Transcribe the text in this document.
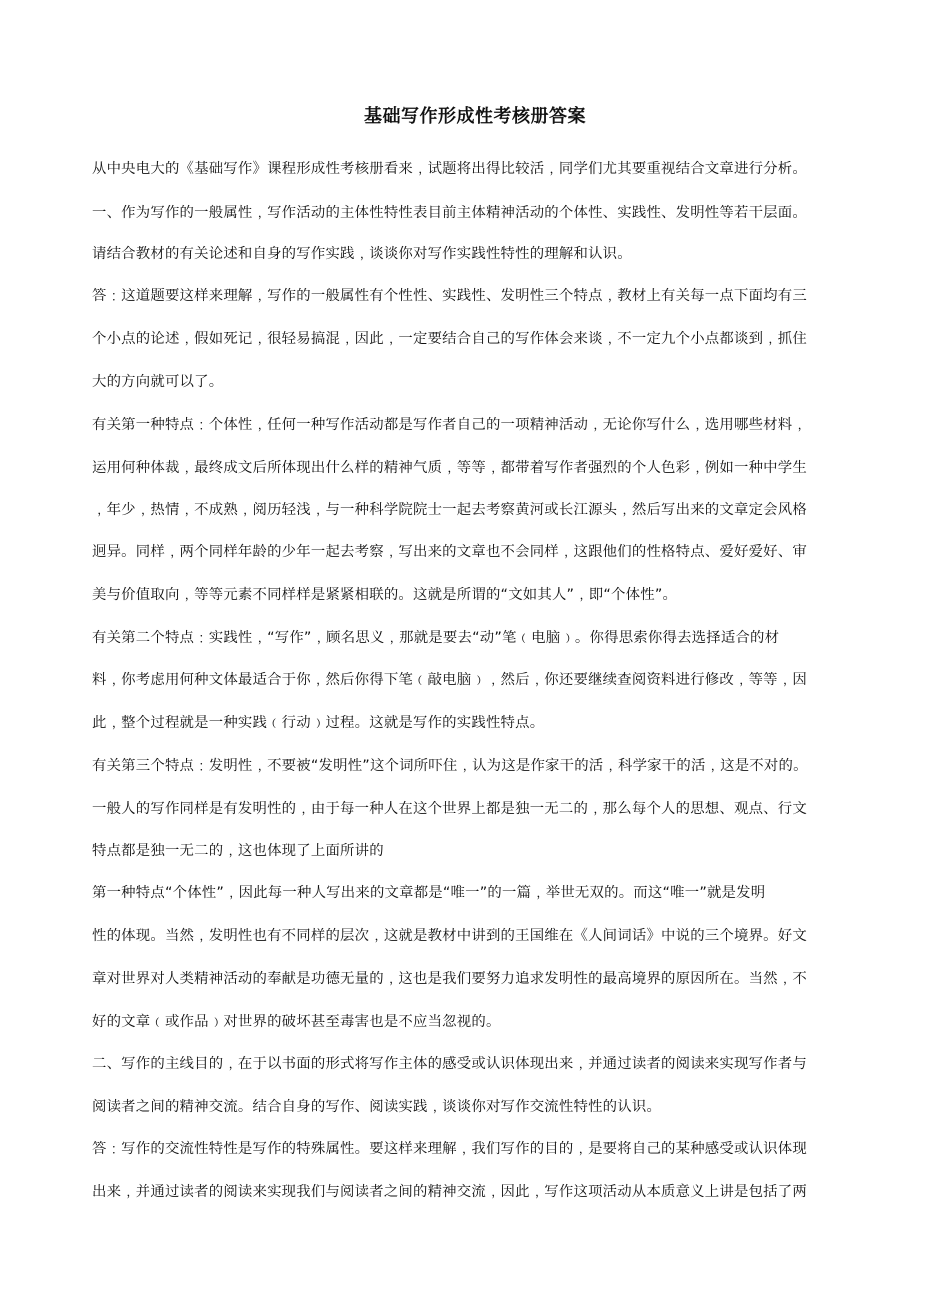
基础写作形成性考核册答案
从中央电大的《基础写作》课程形成性考核册看来﹐试题将出得比较活﹐同学们尤其要重视结合文章进行分析。
一、作为写作的一般属性﹐写作活动的主体性特性表目前主体精神活动的个体性、实践性、发明性等若干层面。
请结合教材的有关论述和自身的写作实践﹐谈谈你对写作实践性特性的理解和认识。
答﹕这道题要这样来理解﹐写作的一般属性有个性性、实践性、发明性三个特点﹐教材上有关每一点下面均有三
个小点的论述﹐假如死记﹐很轻易搞混﹐因此﹐一定要结合自己的写作体会来谈﹐不一定九个小点都谈到﹐抓住
大的方向就可以了。
有关第一种特点﹕个体性﹐任何一种写作活动都是写作者自己的一项精神活动﹐无论你写什么﹐选用哪些材料﹐
运用何种体裁﹐最终成文后所体现出什么样的精神气质﹐等等﹐都带着写作者强烈的个人色彩﹐例如一种中学生
﹐年少﹐热情﹐不成熟﹐阅历轻浅﹐与一种科学院院士一起去考察黄河或长江源头﹐然后写出来的文章定会风格
迥异。同样﹐两个同样年龄的少年一起去考察﹐写出来的文章也不会同样﹐这跟他们的性格特点、爱好爱好、审
美与价值取向﹐等等元素不同样样是紧紧相联的。这就是所谓的“文如其人”﹐即“个体性”。
有关第二个特点﹕实践性﹐“写作”﹐顾名思义﹐那就是要去“动”笔﹙电脑﹚。你得思索你得去选择适合的材
料﹐你考虑用何种文体最适合于你﹐然后你得下笔﹙敲电脑﹚﹐然后﹐你还要继续查阅资料进行修改﹐等等﹐因
此﹐整个过程就是一种实践﹙行动﹚过程。这就是写作的实践性特点。
有关第三个特点﹕发明性﹐不要被“发明性”这个词所吓住﹐认为这是作家干的活﹐科学家干的活﹐这是不对的。
一般人的写作同样是有发明性的﹐由于每一种人在这个世界上都是独一无二的﹐那么每个人的思想、观点、行文
特点都是独一无二的﹐这也体现了上面所讲的
第一种特点“个体性”﹐因此每一种人写出来的文章都是“唯一”的一篇﹐举世无双的。而这“唯一”就是发明
性的体现。当然﹐发明性也有不同样的层次﹐这就是教材中讲到的王国维在《人间词话》中说的三个境界。好文
章对世界对人类精神活动的奉献是功德无量的﹐这也是我们要努力追求发明性的最高境界的原因所在。当然﹐不
好的文章﹙或作品﹚对世界的破坏甚至毒害也是不应当忽视的。
二、写作的主线目的﹐在于以书面的形式将写作主体的感受或认识体现出来﹐并通过读者的阅读来实现写作者与
阅读者之间的精神交流。结合自身的写作、阅读实践﹐谈谈你对写作交流性特性的认识。
答﹕写作的交流性特性是写作的特殊属性。要这样来理解﹐我们写作的目的﹐是要将自己的某种感受或认识体现
出来﹐并通过读者的阅读来实现我们与阅读者之间的精神交流﹐因此﹐写作这项活动从本质意义上讲是包括了两
